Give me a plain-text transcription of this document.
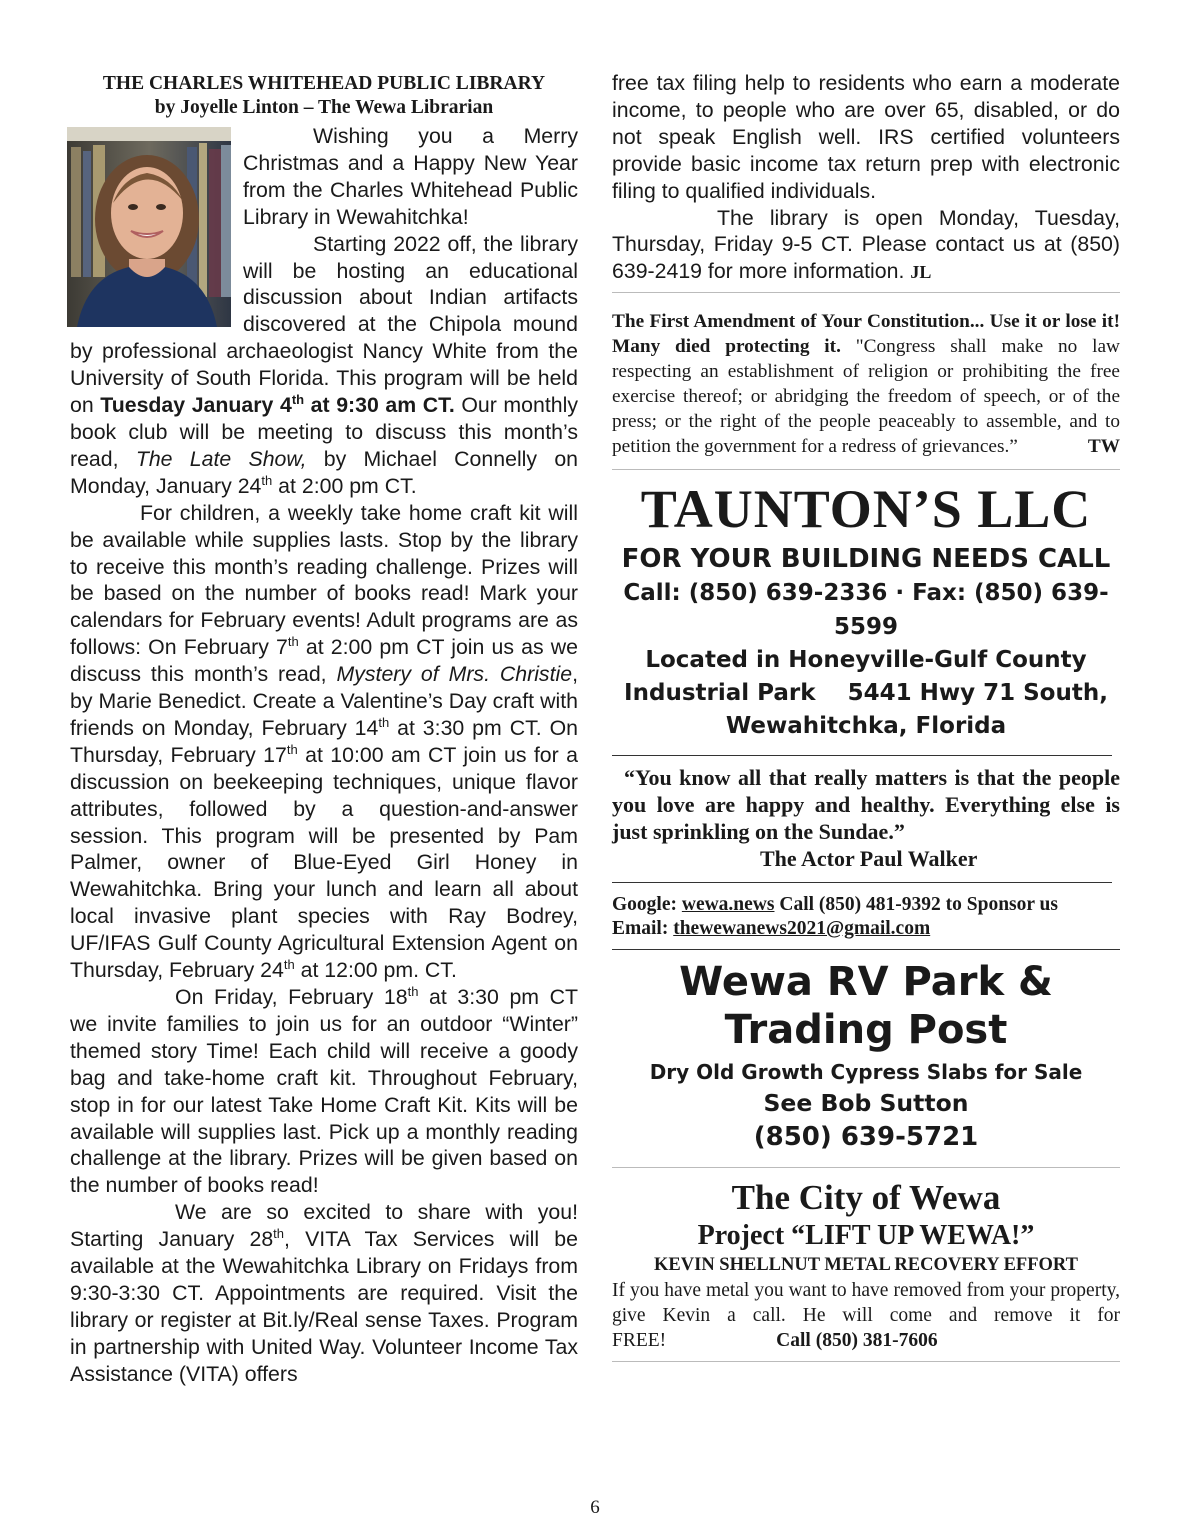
THE CHARLES WHITEHEAD PUBLIC LIBRARY
by Joyelle Linton – The Wewa Librarian

Wishing you a Merry Christmas and a Happy New Year from the Charles Whitehead Public Library in Wewahitchka!

Starting 2022 off, the library will be hosting an educational discussion about Indian artifacts discovered at the Chipola mound by professional archaeologist Nancy White from the University of South Florida. This program will be held on Tuesday January 4th at 9:30 am CT. Our monthly book club will be meeting to discuss this month’s read, The Late Show, by Michael Connelly on Monday, January 24th at 2:00 pm CT.

For children, a weekly take home craft kit will be available while supplies lasts. Stop by the library to receive this month’s reading challenge. Prizes will be based on the number of books read! Mark your calendars for February events! Adult programs are as follows: On February 7th at 2:00 pm CT join us as we discuss this month’s read, Mystery of Mrs. Christie, by Marie Benedict. Create a Valentine’s Day craft with friends on Monday, February 14th at 3:30 pm CT. On Thursday, February 17th at 10:00 am CT join us for a discussion on beekeeping techniques, unique flavor attributes, followed by a question-and-answer session. This program will be presented by Pam Palmer, owner of Blue-Eyed Girl Honey in Wewahitchka. Bring your lunch and learn all about local invasive plant species with Ray Bodrey, UF/IFAS Gulf County Agricultural Extension Agent on Thursday, February 24th at 12:00 pm. CT.

On Friday, February 18th at 3:30 pm CT we invite families to join us for an outdoor “Winter” themed story Time! Each child will receive a goody bag and take-home craft kit. Throughout February, stop in for our latest Take Home Craft Kit. Kits will be available will supplies last. Pick up a monthly reading challenge at the library. Prizes will be given based on the number of books read!

We are so excited to share with you! Starting January 28th, VITA Tax Services will be available at the Wewahitchka Library on Fridays from 9:30-3:30 CT. Appointments are required. Visit the library or register at Bit.ly/Real sense Taxes. Program in partnership with United Way. Volunteer Income Tax Assistance (VITA) offers

free tax filing help to residents who earn a moderate income, to people who are over 65, disabled, or do not speak English well. IRS certified volunteers provide basic income tax return prep with electronic filing to qualified individuals.

The library is open Monday, Tuesday, Thursday, Friday 9-5 CT. Please contact us at (850) 639-2419 for more information. JL

The First Amendment of Your Constitution... Use it or lose it! Many died protecting it. "Congress shall make no law respecting an establishment of religion or prohibiting the free exercise thereof; or abridging the freedom of speech, or of the press; or the right of the people peaceably to assemble, and to petition the government for a redress of grievances.”	TW
TAUNTON’S LLC
FOR YOUR BUILDING NEEDS CALL
Call: (850) 639-2336 · Fax: (850) 639-5599
Located in Honeyville-Gulf County
Industrial Park    5441 Hwy 71 South,
Wewahitchka, Florida

“You know all that really matters is that the people you love are happy and healthy. Everything else is just sprinkling on the Sundae.”

The Actor Paul Walker

Google: wewa.news Call (850) 481-9392 to Sponsor us
Email: thewewanews2021@gmail.com
Wewa RV Park & Trading Post
Dry Old Growth Cypress Slabs for Sale
See Bob Sutton
(850) 639-5721
The City of Wewa
Project “LIFT UP WEWA!”
KEVIN SHELLNUT METAL RECOVERY EFFORT

If you have metal you want to have removed from your property, give Kevin a call. He will come and remove it for FREE!	Call (850) 381-7606

6
